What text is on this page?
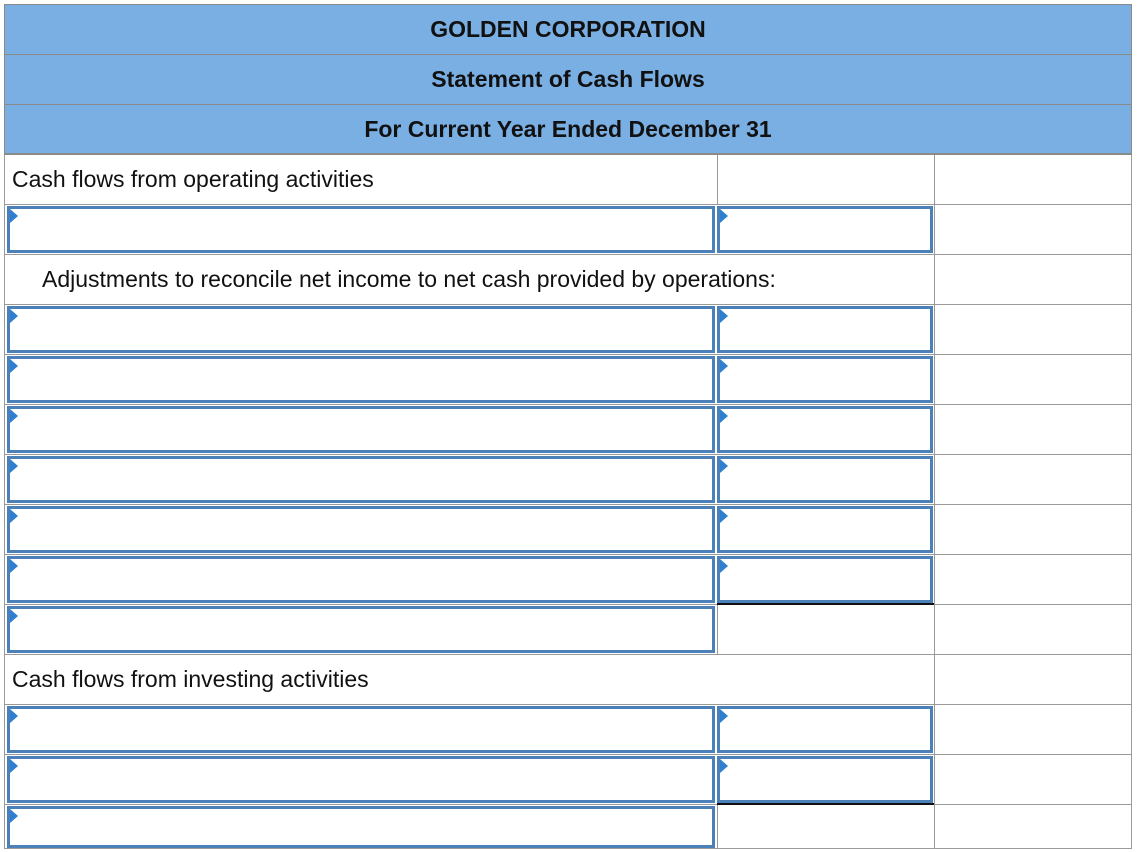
GOLDEN CORPORATION
Statement of Cash Flows
For Current Year Ended December 31
Cash flows from operating activities
Adjustments to reconcile net income to net cash provided by operations:
Cash flows from investing activities
